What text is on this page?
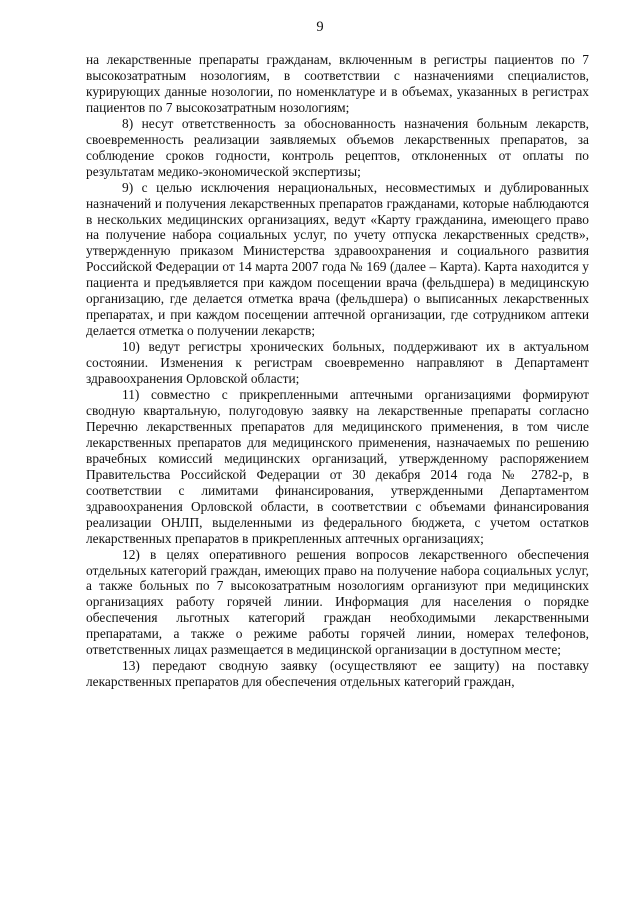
9

на лекарственные препараты гражданам, включенным в регистры пациентов по 7 высокозатратным нозологиям, в соответствии с назначениями специалистов, курирующих данные нозологии, по номенклатуре и в объемах, указанных в регистрах пациентов по 7 высокозатратным нозологиям;

8) несут ответственность за обоснованность назначения больным лекарств, своевременность реализации заявляемых объемов лекарственных препаратов, за соблюдение сроков годности, контроль рецептов, отклоненных от оплаты по результатам медико-экономической экспертизы;

9) с целью исключения нерациональных, несовместимых и дублированных назначений и получения лекарственных препаратов гражданами, которые наблюдаются в нескольких медицинских организациях, ведут «Карту гражданина, имеющего право на получение набора социальных услуг, по учету отпуска лекарственных средств», утвержденную приказом Министерства здравоохранения и социального развития Российской Федерации от 14 марта 2007 года № 169 (далее – Карта). Карта находится у пациента и предъявляется при каждом посещении врача (фельдшера) в медицинскую организацию, где делается отметка врача (фельдшера) о выписанных лекарственных препаратах, и при каждом посещении аптечной организации, где сотрудником аптеки делается отметка о получении лекарств;

10) ведут регистры хронических больных, поддерживают их в актуальном состоянии. Изменения к регистрам своевременно направляют в Департамент здравоохранения Орловской области;

11) совместно с прикрепленными аптечными организациями формируют сводную квартальную, полугодовую заявку на лекарственные препараты согласно Перечню лекарственных препаратов для медицинского применения, в том числе лекарственных препаратов для медицинского применения, назначаемых по решению врачебных комиссий медицинских организаций, утвержденному распоряжением Правительства Российской Федерации от 30 декабря 2014 года № 2782-р, в соответствии с лимитами финансирования, утвержденными Департаментом здравоохранения Орловской области, в соответствии с объемами финансирования реализации ОНЛП, выделенными из федерального бюджета, с учетом остатков лекарственных препаратов в прикрепленных аптечных организациях;

12) в целях оперативного решения вопросов лекарственного обеспечения отдельных категорий граждан, имеющих право на получение набора социальных услуг, а также больных по 7 высокозатратным нозологиям организуют при медицинских организациях работу горячей линии. Информация для населения о порядке обеспечения льготных категорий граждан необходимыми лекарственными препаратами, а также о режиме работы горячей линии, номерах телефонов, ответственных лицах размещается в медицинской организации в доступном месте;

13) передают сводную заявку (осуществляют ее защиту) на поставку лекарственных препаратов для обеспечения отдельных категорий граждан,
